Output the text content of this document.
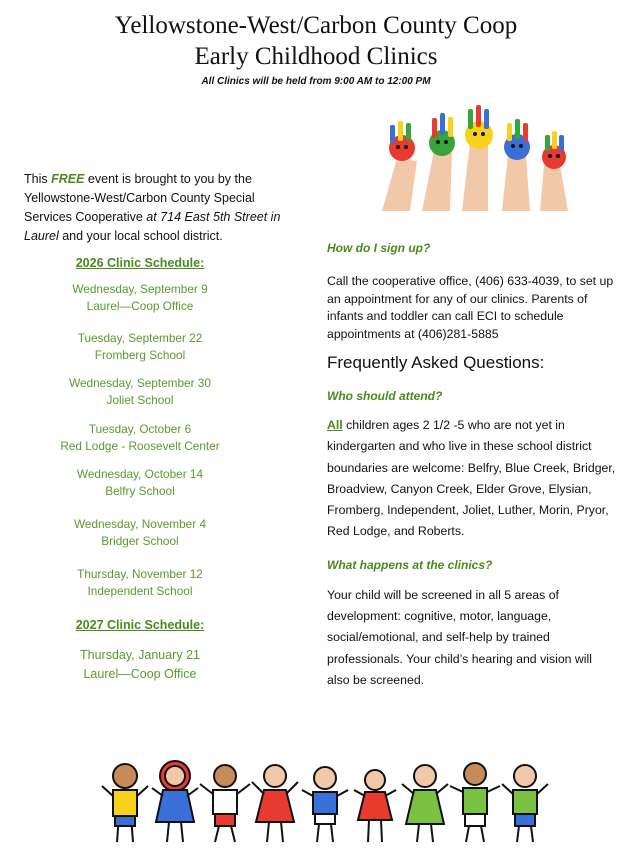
Yellowstone-West/Carbon County Coop
Early Childhood Clinics
All Clinics will be held from 9:00 AM to 12:00 PM
This FREE event is brought to you by the Yellowstone-West/Carbon County Special Services Cooperative at 714 East 5th Street in Laurel and your local school district.
2026 Clinic Schedule:
Wednesday, September 9
Laurel—Coop Office
Tuesday, September 22
Fromberg School
Wednesday, September 30
Joliet School
Tuesday, October 6
Red Lodge - Roosevelt Center
Wednesday, October 14
Belfry School
Wednesday, November 4
Bridger School
Thursday, November 12
Independent School
2027 Clinic Schedule:
Thursday, January 21
Laurel—Coop Office
How do I sign up?
Call the cooperative office, (406) 633-4039, to set up an appointment for any of our clinics. Parents of infants and toddler can call ECI to schedule appointments at (406)281-5885
Frequently Asked Questions:
Who should attend?
All children ages 2 1/2 -5 who are not yet in kindergarten and who live in these school district boundaries are welcome: Belfry, Blue Creek, Bridger, Broadview, Canyon Creek, Elder Grove, Elysian, Fromberg, Independent, Joliet, Luther, Morin, Pryor, Red Lodge, and Roberts.
What happens at the clinics?
Your child will be screened in all 5 areas of development: cognitive, motor, language, social/emotional, and self-help by trained professionals. Your child’s hearing and vision will also be screened.
